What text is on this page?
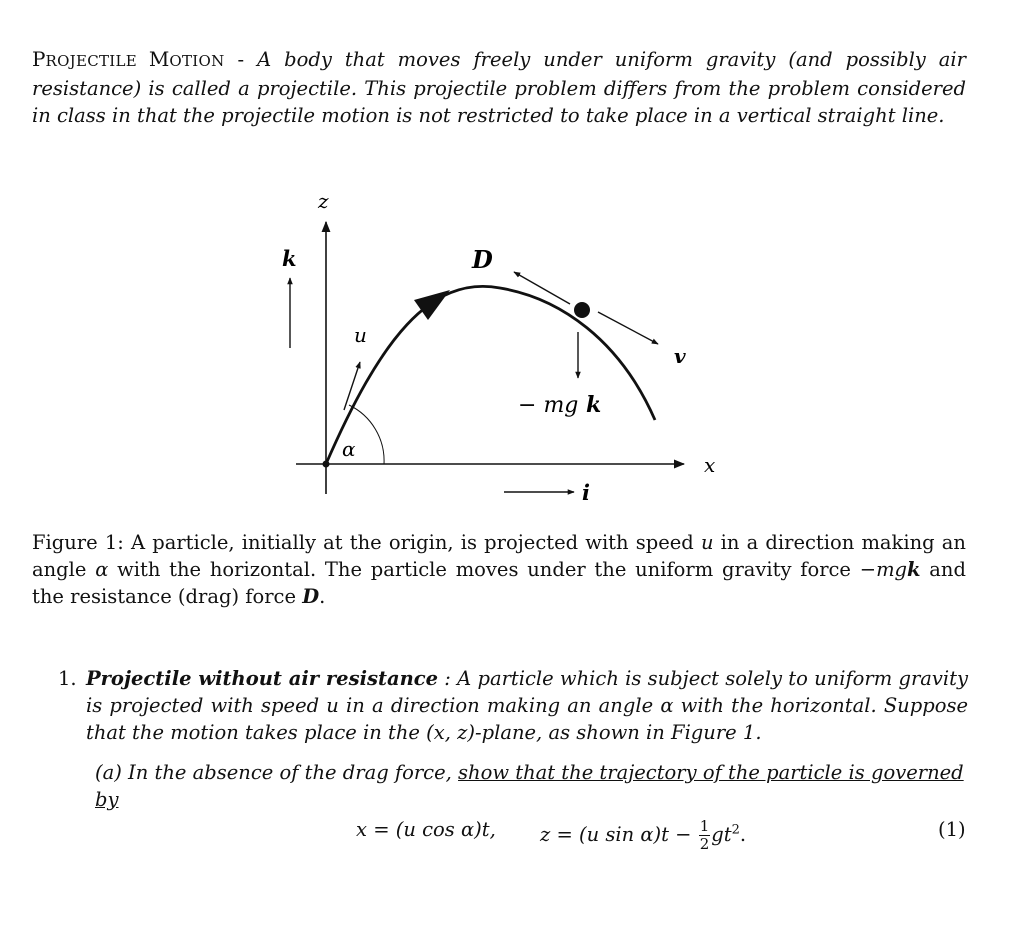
PROJECTILE MOTION - A body that moves freely under uniform gravity (and possibly air resistance) is called a projectile. This projectile problem differs from the problem considered in class in that the projectile motion is not restricted to take place in a vertical straight line.
z
x
k
i
u
α
D
v
− mg k
Figure 1: A particle, initially at the origin, is projected with speed u in a direction making an angle α with the horizontal. The particle moves under the uniform gravity force −mgk and the resistance (drag) force D.
1. Projectile without air resistance : A particle which is subject solely to uniform gravity is projected with speed u in a direction making an angle α with the horizontal. Suppose that the motion takes place in the (x, z)-plane, as shown in Figure 1.
(a) In the absence of the drag force, show that the trajectory of the particle is governed by
x = (u cos α)t, z = (u $\sin \alpha)t - \frac{1}{2} gt^2$.	(1)
